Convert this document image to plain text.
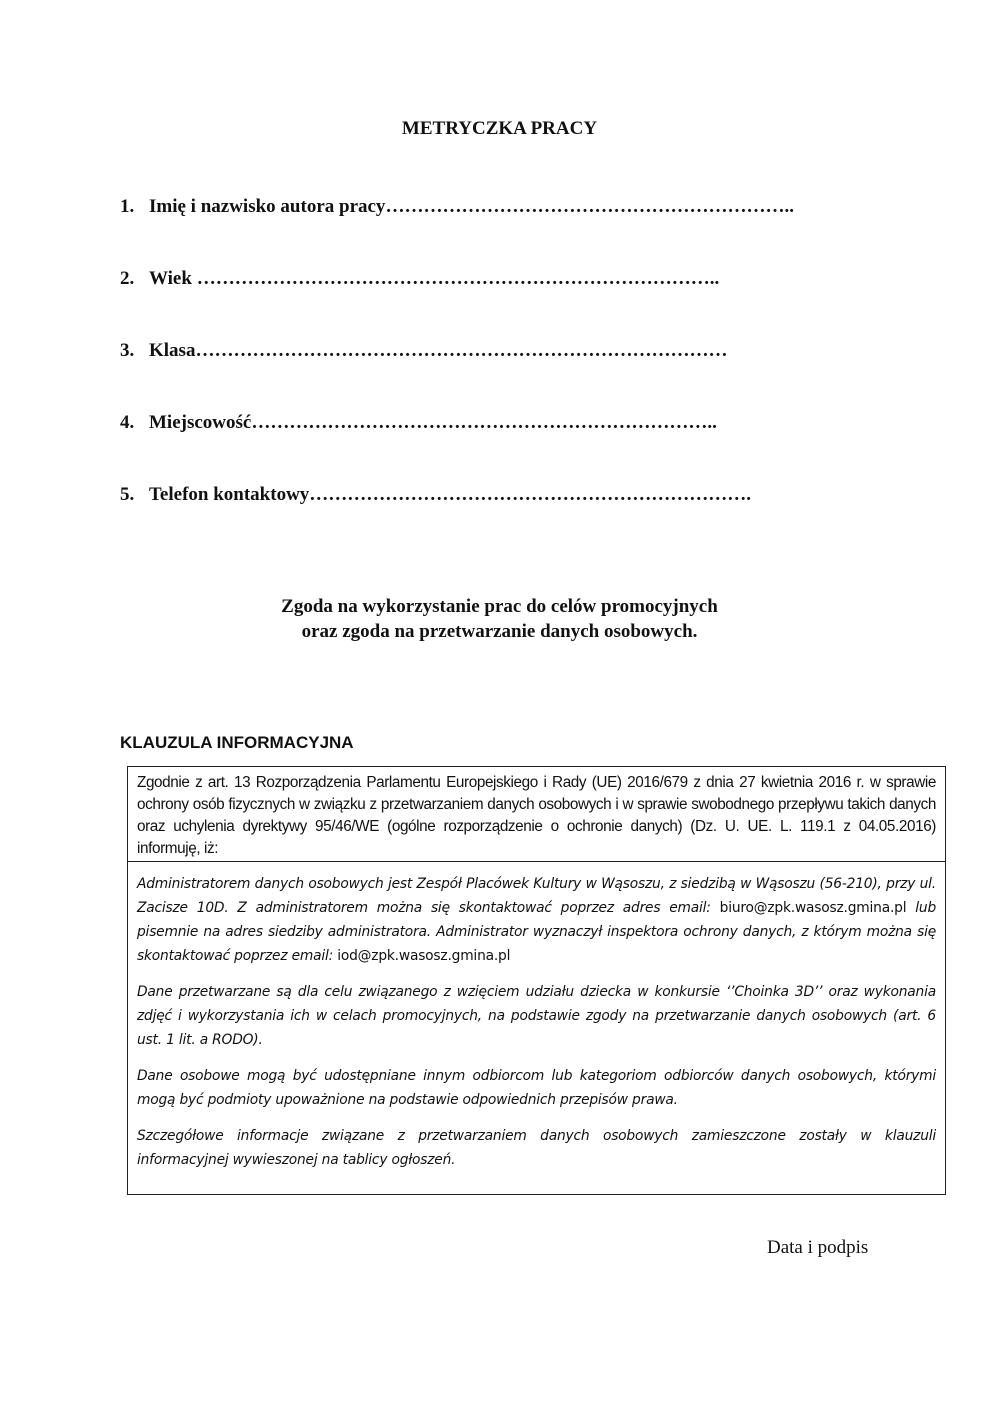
METRYCZKA PRACY
1. Imię i nazwisko autora pracy………………………………………………………..
2. Wiek ………………………………………………………………………..
3. Klasa…………………………………………………………………………
4. Miejscowość………………………………………………………………..
5. Telefon kontaktowy…………………………………………………………….
Zgoda na wykorzystanie prac do celów promocyjnych
oraz zgoda na przetwarzanie danych osobowych.
KLAUZULA INFORMACYJNA
Zgodnie z art. 13 Rozporządzenia Parlamentu Europejskiego i Rady (UE) 2016/679 z dnia 27 kwietnia 2016 r. w sprawie ochrony osób fizycznych w związku z przetwarzaniem danych osobowych i w sprawie swobodnego przepływu takich danych oraz uchylenia dyrektywy 95/46/WE (ogólne rozporządzenie o ochronie danych) (Dz. U. UE. L. 119.1 z 04.05.2016) informuję, iż:

Administratorem danych osobowych jest Zespół Placówek Kultury w Wąsoszu, z siedzibą w Wąsoszu (56-210), przy ul. Zacisze 10D. Z administratorem można się skontaktować poprzez adres email: biuro@zpk.wasosz.gmina.pl lub pisemnie na adres siedziby administratora. Administrator wyznaczył inspektora ochrony danych, z którym można się skontaktować poprzez email: iod@zpk.wasosz.gmina.pl

Dane przetwarzane są dla celu związanego z wzięciem udziału dziecka w konkursie ‘’Choinka 3D’’ oraz wykonania zdjęć i wykorzystania ich w celach promocyjnych, na podstawie zgody na przetwarzanie danych osobowych (art. 6 ust. 1 lit. a RODO).

Dane osobowe mogą być udostępniane innym odbiorcom lub kategoriom odbiorców danych osobowych, którymi mogą być podmioty upoważnione na podstawie odpowiednich przepisów prawa.

Szczegółowe informacje związane z przetwarzaniem danych osobowych zamieszczone zostały w klauzuli informacyjnej wywieszonej na tablicy ogłoszeń.

Data i podpis
